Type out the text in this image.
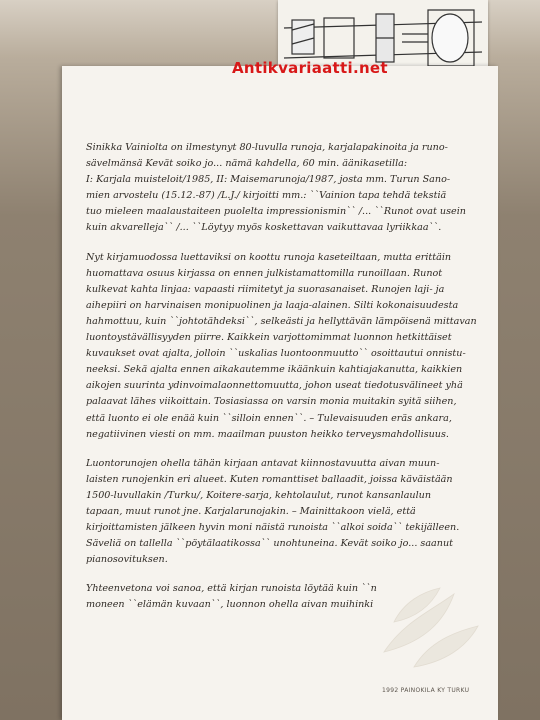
Antikvariaatti.net

Sinikka Vainiolta on ilmestynyt 80-luvulla runoja, karjalapakinoita ja runo-
sävelmänsä Kevät soiko jo... nämä kahdella, 60 min. äänikasetilla:
I: Karjala muisteloit/1985, II: Maisemarunoja/1987, josta mm. Turun Sano-
mien arvostelu (15.12.-87) /L.J./ kirjoitti mm.: ``Vainion tapa tehdä tekstiä
tuo mieleen maalaustaiteen puolelta impressionismin`` /... ``Runot ovat usein
kuin akvarelleja`` /... ``Löytyy myös koskettavan vaikuttavaa lyriikkaa``.

Nyt kirjamuodossa luettaviksi on koottu runoja kaseteiltaan, mutta erittäin
huomattava osuus kirjassa on ennen julkistamattomilla runoillaan. Runot
kulkevat kahta linjaa: vapaasti riimitetyt ja suorasanaiset. Runojen laji- ja
aihepiiri on harvinaisen monipuolinen ja laaja-alainen. Silti kokonaisuudesta
hahmottuu, kuin ``johtotähdeksi``, selkeästi ja hellyttävän lämpöisenä mittavan
luontoystävällisyyden piirre. Kaikkein varjottomimmat luonnon hetkittäiset
kuvaukset ovat ajalta, jolloin ``uskalias luontoonmuutto`` osoittautui onnistu-
neeksi. Sekä ajalta ennen aikakautemme ikäänkuin kahtiajakanutta, kaikkien
aikojen suurinta ydinvoimalaonnettomuutta, johon useat tiedotusvälineet yhä
palaavat lähes viikoittain. Tosiasiassa on varsin monia muitakin syitä siihen,
että luonto ei ole enää kuin ``silloin ennen``. – Tulevaisuuden eräs ankara,
negatiivinen viesti on mm. maailman puuston heikko terveysmahdollisuus.

Luontorunojen ohella tähän kirjaan antavat kiinnostavuutta aivan muun-
laisten runojenkin eri alueet. Kuten romanttiset ballaadit, joissa käväistään
1500-luvullakin /Turku/, Koitere-sarja, kehtolaulut, runot kansanlaulun
tapaan, muut runot jne. Karjalarunojakin. – Mainittakoon vielä, että
kirjoittamisten jälkeen hyvin moni näistä runoista ``alkoi soida`` tekijälleen.
Säveliä on tallella ``pöytälaatikossa`` unohtuneina. Kevät soiko jo... saanut
pianosovituksen.

Yhteenvetona voi sanoa, että kirjan runoista löytää kuin ``n
moneen ``elämän kuvaan``, luonnon ohella aivan muihinki

1992 PAINOKILA KY TURKU
